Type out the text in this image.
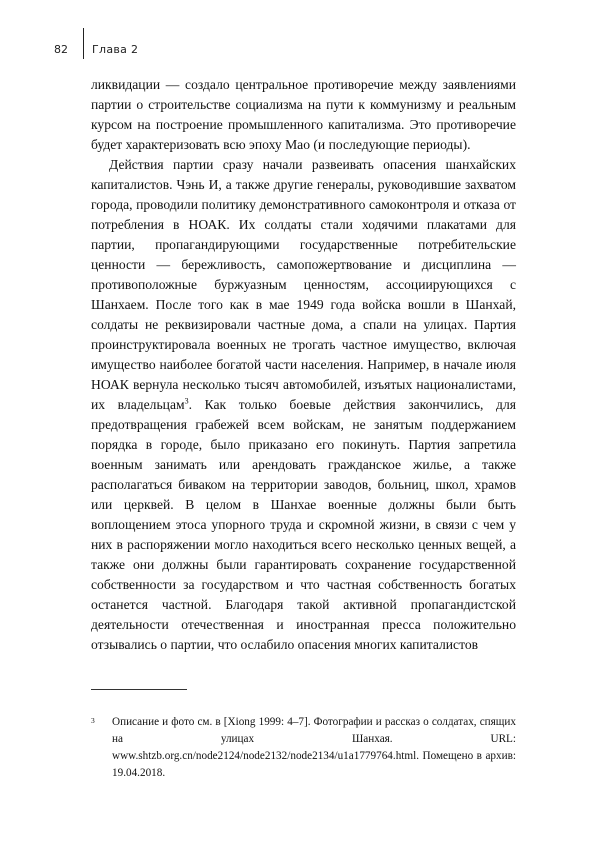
82	Глава 2

ликвидации — создало центральное противоречие между заявлениями партии о строительстве социализма на пути к коммунизму и реальным курсом на построение промышленного капитализма. Это противоречие будет характеризовать всю эпоху Мао (и последующие периоды).

Действия партии сразу начали развеивать опасения шанхайских капиталистов. Чэнь И, а также другие генералы, руководившие захватом города, проводили политику демонстративного самоконтроля и отказа от потребления в НОАК. Их солдаты стали ходячими плакатами для партии, пропагандирующими государственные потребительские ценности — бережливость, самопожертвование и дисциплина — противоположные буржуазным ценностям, ассоциирующихся с Шанхаем. После того как в мае 1949 года войска вошли в Шанхай, солдаты не реквизировали частные дома, а спали на улицах. Партия проинструктировала военных не трогать частное имущество, включая имущество наиболее богатой части населения. Например, в начале июля НОАК вернула несколько тысяч автомобилей, изъятых националистами, их владельцам$^3$. Как только боевые действия закончились, для предотвращения грабежей всем войскам, не занятым поддержанием порядка в городе, было приказано его покинуть. Партия запретила военным занимать или арендовать гражданское жилье, а также располагаться биваком на территории заводов, больниц, школ, храмов или церквей. В целом в Шанхае военные должны были быть воплощением этоса упорного труда и скромной жизни, в связи с чем у них в распоряжении могло находиться всего несколько ценных вещей, а также они должны были гарантировать сохранение государственной собственности за государством и что частная собственность богатых останется частной. Благодаря такой активной пропагандистской деятельности отечественная и иностранная пресса положительно отзывались о партии, что ослабило опасения многих капиталистов

3 Описание и фото см. в [Xiong 1999: 4–7]. Фотографии и рассказ о солдатах, спящих на улицах Шанхая. URL: www.shtzb.org.cn/node2124/node2132/node2134/u1a1779764.html. Помещено в архив: 19.04.2018.
